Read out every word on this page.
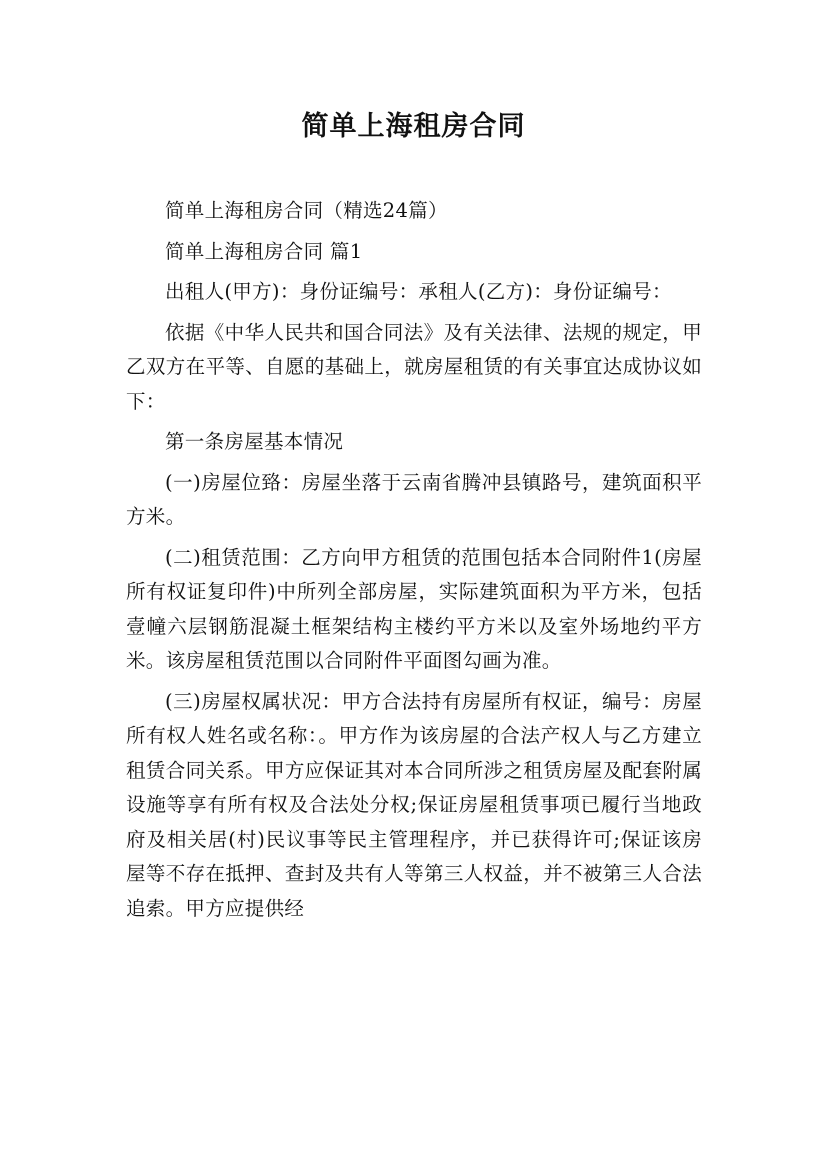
简单上海租房合同

简单上海租房合同（精选24篇）

简单上海租房合同 篇1

出租人(甲方)：身份证编号：承租人(乙方)：身份证编号：

依据《中华人民共和国合同法》及有关法律、法规的规定，甲乙双方在平等、自愿的基础上，就房屋租赁的有关事宜达成协议如下：

第一条房屋基本情况

(一)房屋位臵：房屋坐落于云南省腾冲县镇路号，建筑面积平方米。

(二)租赁范围：乙方向甲方租赁的范围包括本合同附件1(房屋所有权证复印件)中所列全部房屋，实际建筑面积为平方米，包括壹幢六层钢筋混凝土框架结构主楼约平方米以及室外场地约平方米。该房屋租赁范围以合同附件平面图勾画为准。

(三)房屋权属状况：甲方合法持有房屋所有权证，编号：房屋所有权人姓名或名称：。甲方作为该房屋的合法产权人与乙方建立租赁合同关系。甲方应保证其对本合同所涉之租赁房屋及配套附属设施等享有所有权及合法处分权;保证房屋租赁事项已履行当地政府及相关居(村)民议事等民主管理程序，并已获得许可;保证该房屋等不存在抵押、查封及共有人等第三人权益，并不被第三人合法追索。甲方应提供经
